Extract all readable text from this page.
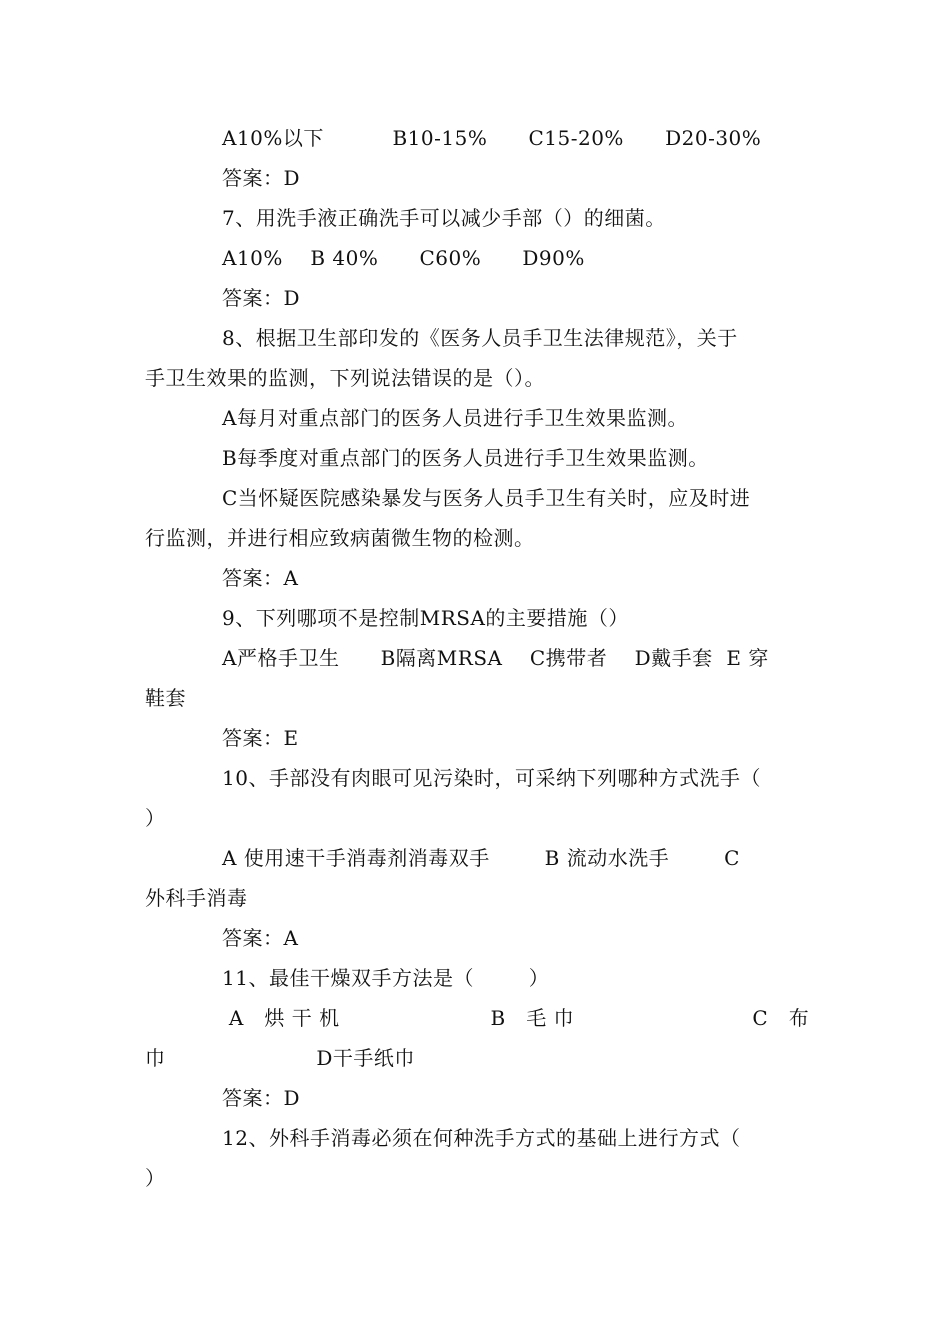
A10%以下          B10-15%      C15-20%      D20-30%
答案：D
7、用洗手液正确洗手可以减少手部（）的细菌。
A10%    B 40%      C60%      D90%
答案：D
8、根据卫生部印发的《医务人员手卫生法律规范》，关于
手卫生效果的监测，下列说法错误的是（）。
A每月对重点部门的医务人员进行手卫生效果监测。
B每季度对重点部门的医务人员进行手卫生效果监测。
C当怀疑医院感染暴发与医务人员手卫生有关时，应及时进
行监测，并进行相应致病菌微生物的检测。
答案：A
9、下列哪项不是控制MRSA的主要措施（）
A严格手卫生      B隔离MRSA    C携带者    D戴手套  E 穿
鞋套
答案：E
10、手部没有肉眼可见污染时，可采纳下列哪种方式洗手（
）
A 使用速干手消毒剂消毒双手        B 流动水洗手        C
外科手消毒
答案：A
11、最佳干燥双手方法是（        ）
A   烘 干 机                      B   毛 巾                          C   布
巾                      D干手纸巾
答案：D
12、外科手消毒必须在何种洗手方式的基础上进行方式（
）
